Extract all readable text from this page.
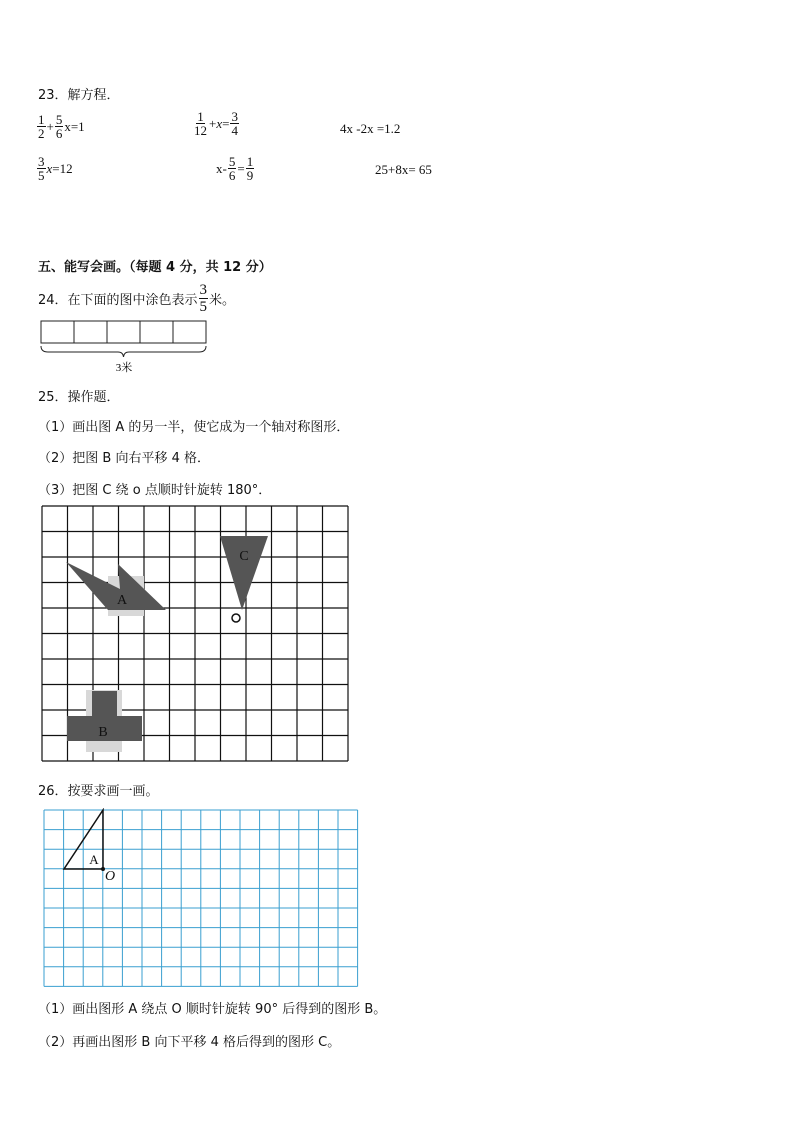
23．解方程．
$\frac{1}{2} + \frac{5}{6} x=1$	$\frac{1}{12} + x = \frac{3}{4}$	4x -2x =1.2
$\frac{3}{5}$ x =12	$x- \frac{5}{6} = \frac{1}{9}$	25+8x= 65
五、能写会画。（每题 4 分，共 12 分）
24．在下面的图中涂色表示 $\frac{3}{5}$ 米。
3米
25．操作题．
（1）画出图 A 的另一半，使它成为一个轴对称图形．
（2）把图 B 向右平移 4 格．
（3）把图 C 绕 o 点顺时针旋转 180°．
A
B
C
26．按要求画一画。
A
O
（1）画出图形 A 绕点 O 顺时针旋转 90° 后得到的图形 B。
（2）再画出图形 B 向下平移 4 格后得到的图形 C。
